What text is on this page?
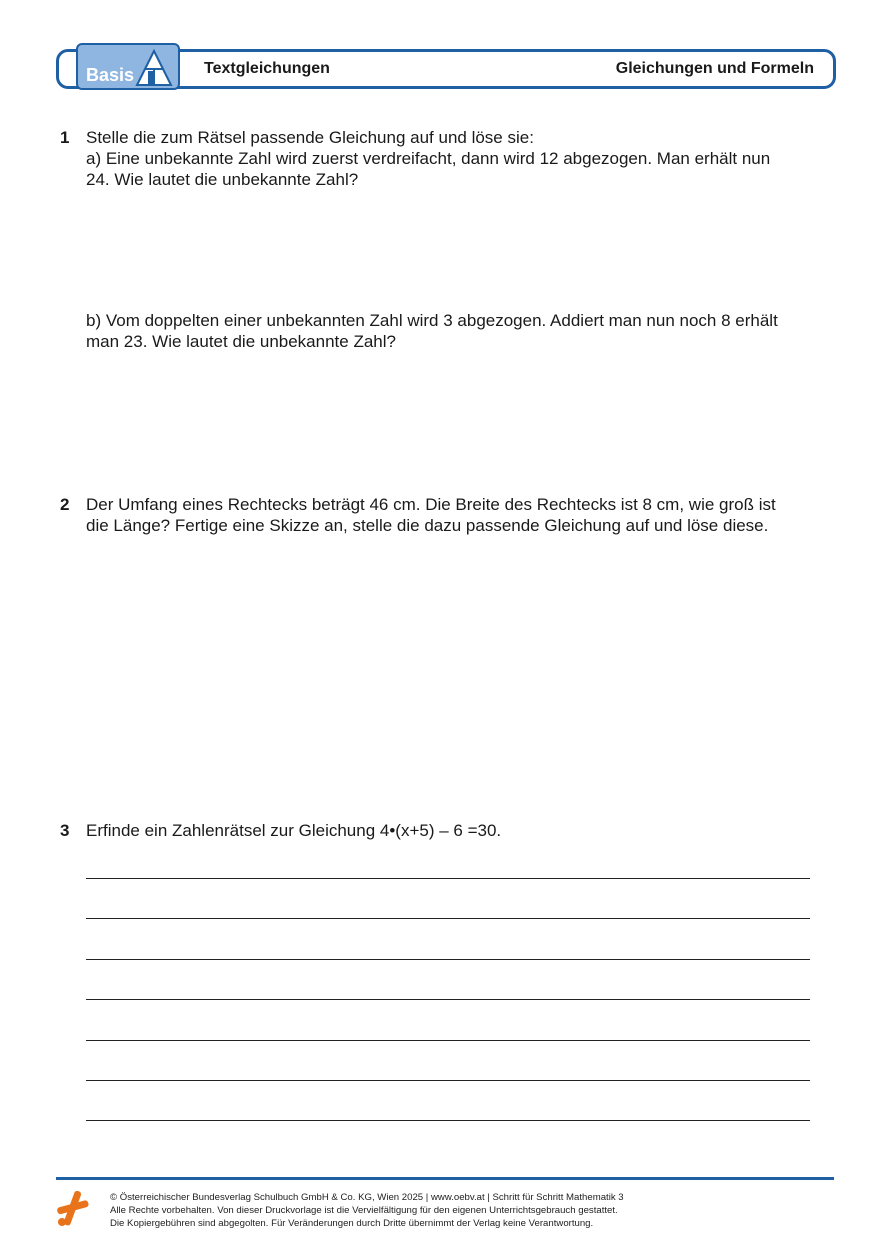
Basis	Textgleichungen	Gleichungen und Formeln
1 Stelle die zum Rätsel passende Gleichung auf und löse sie:
a) Eine unbekannte Zahl wird zuerst verdreifacht, dann wird 12 abgezogen. Man erhält nun
24. Wie lautet die unbekannte Zahl?
b) Vom doppelten einer unbekannten Zahl wird 3 abgezogen. Addiert man nun noch 8 erhält
man 23. Wie lautet die unbekannte Zahl?
2 Der Umfang eines Rechtecks beträgt 46 cm. Die Breite des Rechtecks ist 8 cm, wie groß ist
die Länge? Fertige eine Skizze an, stelle die dazu passende Gleichung auf und löse diese.
3 Erfinde ein Zahlenrätsel zur Gleichung 4•(x+5) – 6 =30.
© Österreichischer Bundesverlag Schulbuch GmbH & Co. KG, Wien 2025 | www.oebv.at | Schritt für Schritt Mathematik 3
Alle Rechte vorbehalten. Von dieser Druckvorlage ist die Vervielfältigung für den eigenen Unterrichtsgebrauch gestattet.
Die Kopiergebühren sind abgegolten. Für Veränderungen durch Dritte übernimmt der Verlag keine Verantwortung.
